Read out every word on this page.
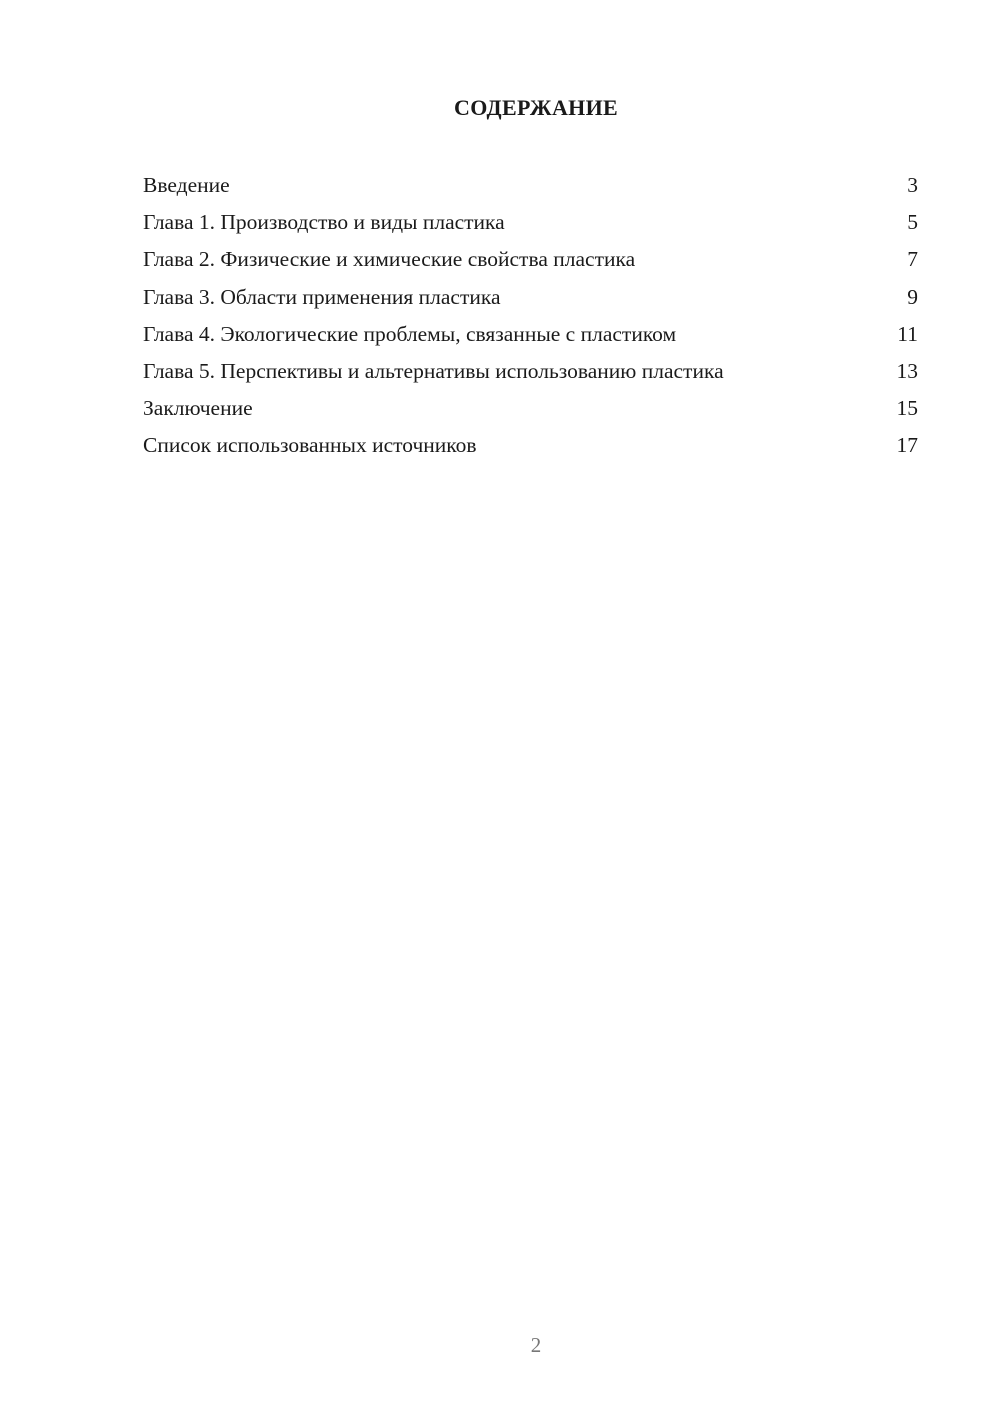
СОДЕРЖАНИЕ
Введение	3
Глава 1. Производство и виды пластика	5
Глава 2. Физические и химические свойства пластика	7
Глава 3. Области применения пластика	9
Глава 4. Экологические проблемы, связанные с пластиком	11
Глава 5. Перспективы и альтернативы использованию пластика	13
Заключение	15
Список использованных источников	17
2
